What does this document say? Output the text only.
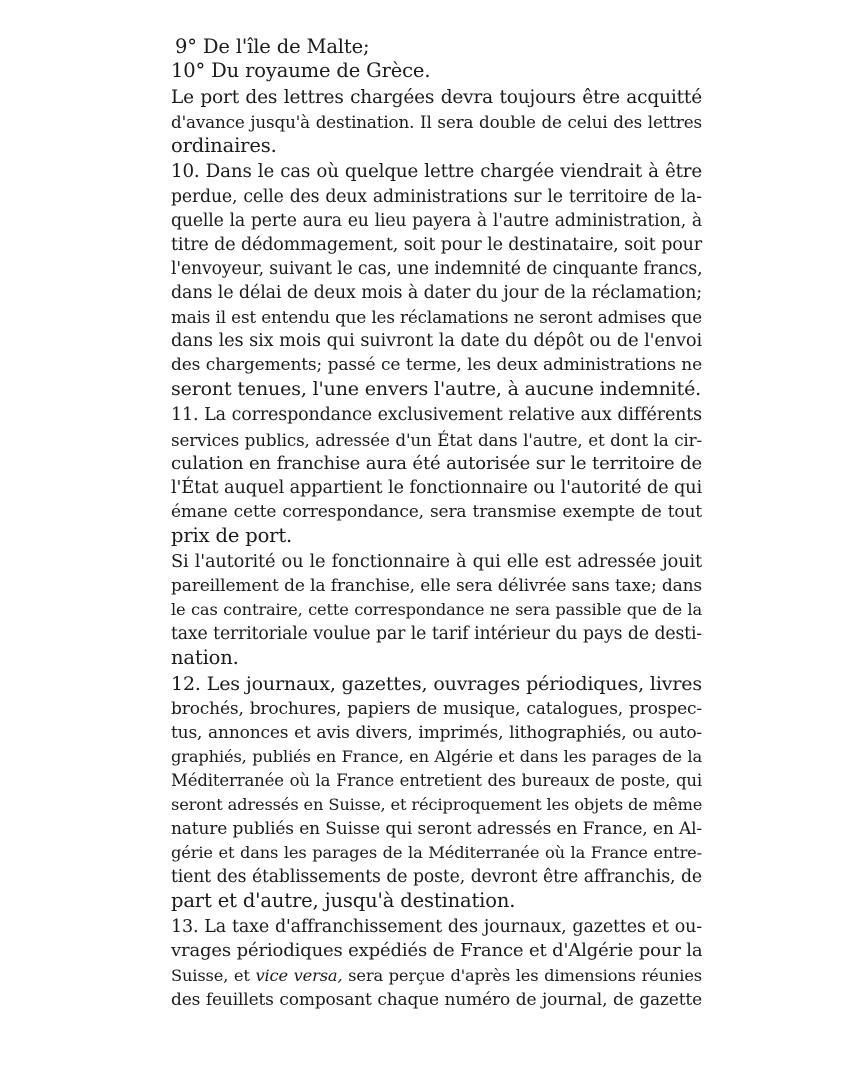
9° De l'île de Malte;
10° Du royaume de Grèce.
Le port des lettres chargées devra toujours être acquitté
d'avance jusqu'à destination. Il sera double de celui des lettres
ordinaires.
10. Dans le cas où quelque lettre chargée viendrait à être
perdue, celle des deux administrations sur le territoire de la-
quelle la perte aura eu lieu payera à l'autre administration, à
titre de dédommagement, soit pour le destinataire, soit pour
l'envoyeur, suivant le cas, une indemnité de cinquante francs,
dans le délai de deux mois à dater du jour de la réclamation;
mais il est entendu que les réclamations ne seront admises que
dans les six mois qui suivront la date du dépôt ou de l'envoi
des chargements; passé ce terme, les deux administrations ne
seront tenues, l'une envers l'autre, à aucune indemnité.
11. La correspondance exclusivement relative aux différents
services publics, adressée d'un État dans l'autre, et dont la cir-
culation en franchise aura été autorisée sur le territoire de
l'État auquel appartient le fonctionnaire ou l'autorité de qui
émane cette correspondance, sera transmise exempte de tout
prix de port.
Si l'autorité ou le fonctionnaire à qui elle est adressée jouit
pareillement de la franchise, elle sera délivrée sans taxe; dans
le cas contraire, cette correspondance ne sera passible que de la
taxe territoriale voulue par le tarif intérieur du pays de desti-
nation.
12. Les journaux, gazettes, ouvrages périodiques, livres
brochés, brochures, papiers de musique, catalogues, prospec-
tus, annonces et avis divers, imprimés, lithographiés, ou auto-
graphiés, publiés en France, en Algérie et dans les parages de la
Méditerranée où la France entretient des bureaux de poste, qui
seront adressés en Suisse, et réciproquement les objets de même
nature publiés en Suisse qui seront adressés en France, en Al-
gérie et dans les parages de la Méditerranée où la France entre-
tient des établissements de poste, devront être affranchis, de
part et d'autre, jusqu'à destination.
13. La taxe d'affranchissement des journaux, gazettes et ou-
vrages périodiques expédiés de France et d'Algérie pour la
Suisse, et vice versa, sera perçue d'après les dimensions réunies
des feuillets composant chaque numéro de journal, de gazette
